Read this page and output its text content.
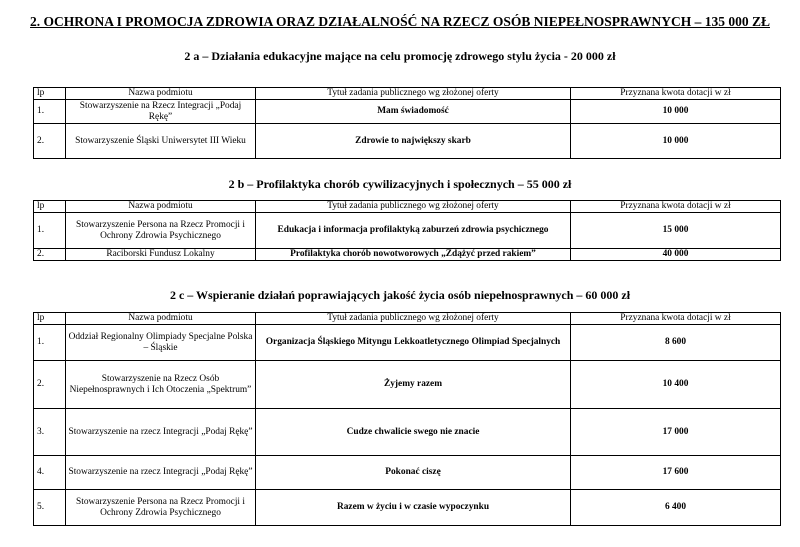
2. OCHRONA I PROMOCJA ZDROWIA ORAZ DZIAŁALNOŚĆ NA RZECZ OSÓB NIEPEŁNOSPRAWNYCH – 135 000 ZŁ
2 a – Działania edukacyjne mające na celu promocję zdrowego stylu życia - 20 000 zł
lp	Nazwa podmiotu	Tytuł zadania publicznego wg złożonej oferty	Przyznana kwota dotacji w zł
1.	Stowarzyszenie na Rzecz Integracji „Podaj Rękę”	Mam świadomość	10 000
2.	Stowarzyszenie Śląski Uniwersytet III Wieku	Zdrowie to największy skarb	10 000
2 b – Profilaktyka chorób cywilizacyjnych i społecznych – 55 000 zł
lp	Nazwa podmiotu	Tytuł zadania publicznego wg złożonej oferty	Przyznana kwota dotacji w zł
1.	Stowarzyszenie Persona na Rzecz Promocji i Ochrony Zdrowia Psychicznego	Edukacja i informacja profilaktyką zaburzeń zdrowia psychicznego	15 000
2.	Raciborski Fundusz Lokalny	Profilaktyka chorób nowotworowych „Zdążyć przed rakiem”	40 000
2 c – Wspieranie działań poprawiających jakość życia osób niepełnosprawnych – 60 000 zł
lp	Nazwa podmiotu	Tytuł zadania publicznego wg złożonej oferty	Przyznana kwota dotacji w zł
1.	Oddział Regionalny Olimpiady Specjalne Polska – Śląskie	Organizacja Śląskiego Mityngu Lekkoatletycznego Olimpiad Specjalnych	8 600
2.	Stowarzyszenie na Rzecz Osób Niepełnosprawnych i Ich Otoczenia „Spektrum”	Żyjemy razem	10 400
3.	Stowarzyszenie na rzecz Integracji „Podaj Rękę”	Cudze chwalicie swego nie znacie	17 000
4.	Stowarzyszenie na rzecz Integracji „Podaj Rękę”	Pokonać ciszę	17 600
5.	Stowarzyszenie Persona na Rzecz Promocji i Ochrony Zdrowia Psychicznego	Razem w życiu i w czasie wypoczynku	6 400
